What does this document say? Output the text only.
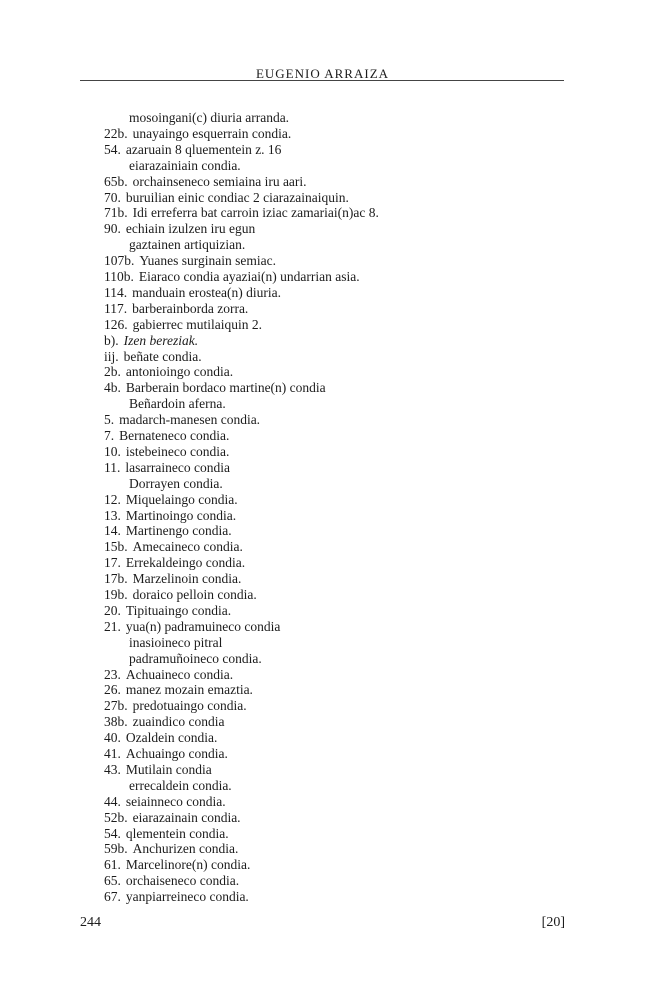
EUGENIO ARRAIZA
mosoingani(c) diuria arranda.
22b. unayaingo esquerrain condia.
54. azaruain 8 qluementein z. 16
eiarazainiain condia.
65b. orchainseneco semiaina iru aari.
70. buruilian einic condiac 2 ciarazainaiquin.
71b. Idi erreferra bat carroin iziac zamariai(n)ac 8.
90. echiain izulzen iru egun
gaztainen artiquizian.
107b. Yuanes surginain semiac.
110b. Eiaraco condia ayaziai(n) undarrian asia.
114. manduain erostea(n) diuria.
117. barberainborda zorra.
126. gabierrec mutilaiquin 2.
b). Izen bereziak.
iij. beñate condia.
2b. antonioingo condia.
4b. Barberain bordaco martine(n) condia
Beñardoin aferna.
5. madarch-manesen condia.
7. Bernateneco condia.
10. istebeineco condia.
11. lasarraineco condia
Dorrayen condia.
12. Miquelaingo condia.
13. Martinoingo condia.
14. Martinengo condia.
15b. Amecaineco condia.
17. Errekaldeingo condia.
17b. Marzelinoin condia.
19b. doraico pelloin condia.
20. Tipituaingo condia.
21. yua(n) padramuineco condia
inasioineco pitral
padramuñoineco condia.
23. Achuaineco condia.
26. manez mozain emaztia.
27b. predotuaingo condia.
38b. zuaindico condia
40. Ozaldein condia.
41. Achuaingo condia.
43. Mutilain condia
errecaldein condia.
44. seiainneco condia.
52b. eiarazainain condia.
54. qlementein condia.
59b. Anchurizen condia.
61. Marcelinore(n) condia.
65. orchaiseneco condia.
67. yanpiarreineco condia.
244	[20]
